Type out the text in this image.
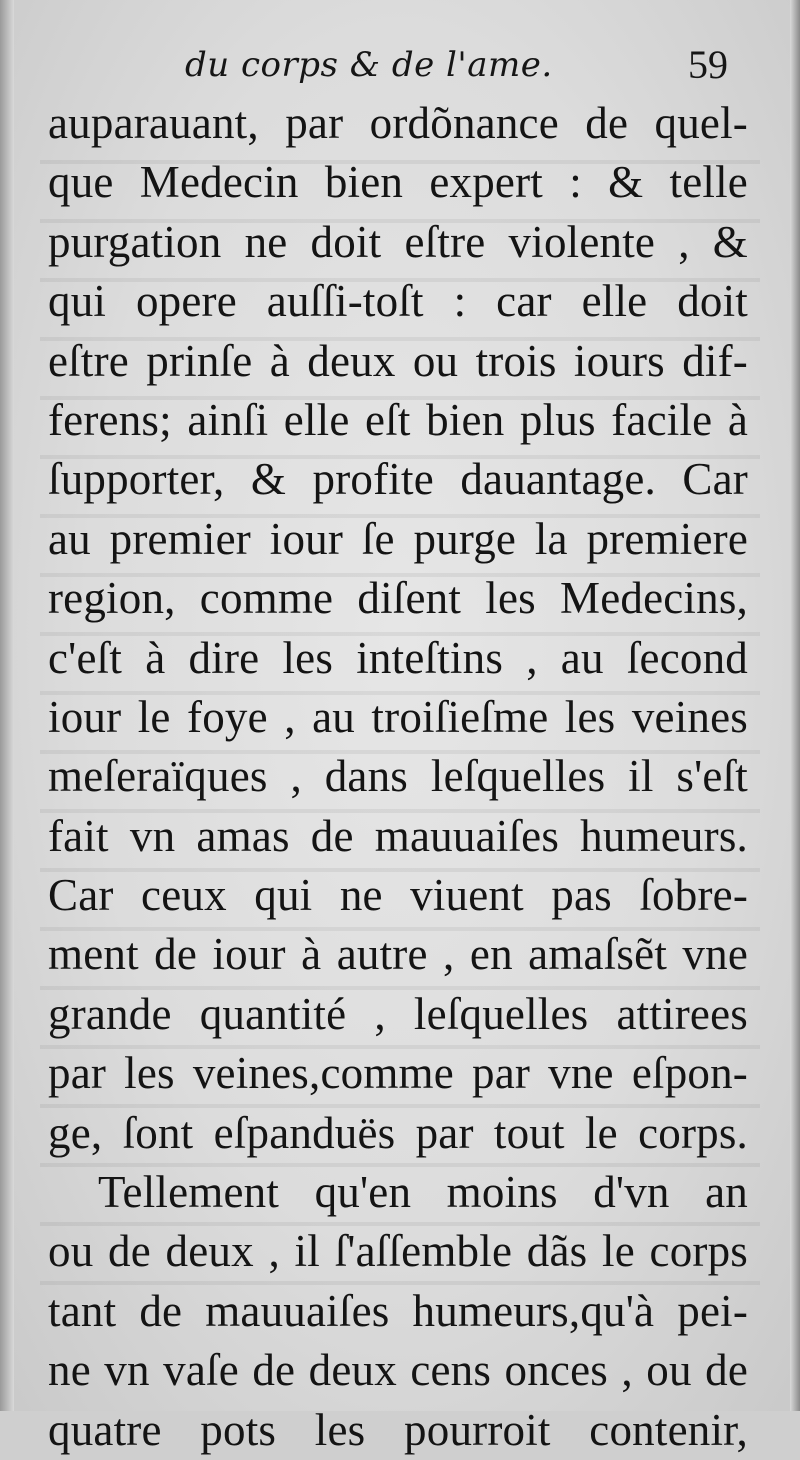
du corps & de l'ame.	59
auparauant, par ordõnance de quel-
que Medecin bien expert : & telle
purgation ne doit eſtre violente , &
qui opere auſſi-toſt : car elle doit
eſtre prinſe à deux ou trois iours dif-
ferens; ainſi elle eſt bien plus facile à
ſupporter, & profite dauantage. Car
au premier iour ſe purge la premiere
region, comme diſent les Medecins,
c'eſt à dire les inteſtins , au ſecond
iour le foye , au troiſieſme les veines
meſeraïques , dans leſquelles il s'eſt
fait vn amas de mauuaiſes humeurs.
Car ceux qui ne viuent pas ſobre-
ment de iour à autre , en amaſsẽt vne
grande quantité , leſquelles attirees
par les veines,comme par vne eſpon-
ge, ſont eſpanduës par tout le corps.
Tellement qu'en moins d'vn an
ou de deux , il ſ'aſſemble dãs le corps
tant de mauuaiſes humeurs,qu'à pei-
ne vn vaſe de deux cens onces , ou de
quatre pots les pourroit contenir,
